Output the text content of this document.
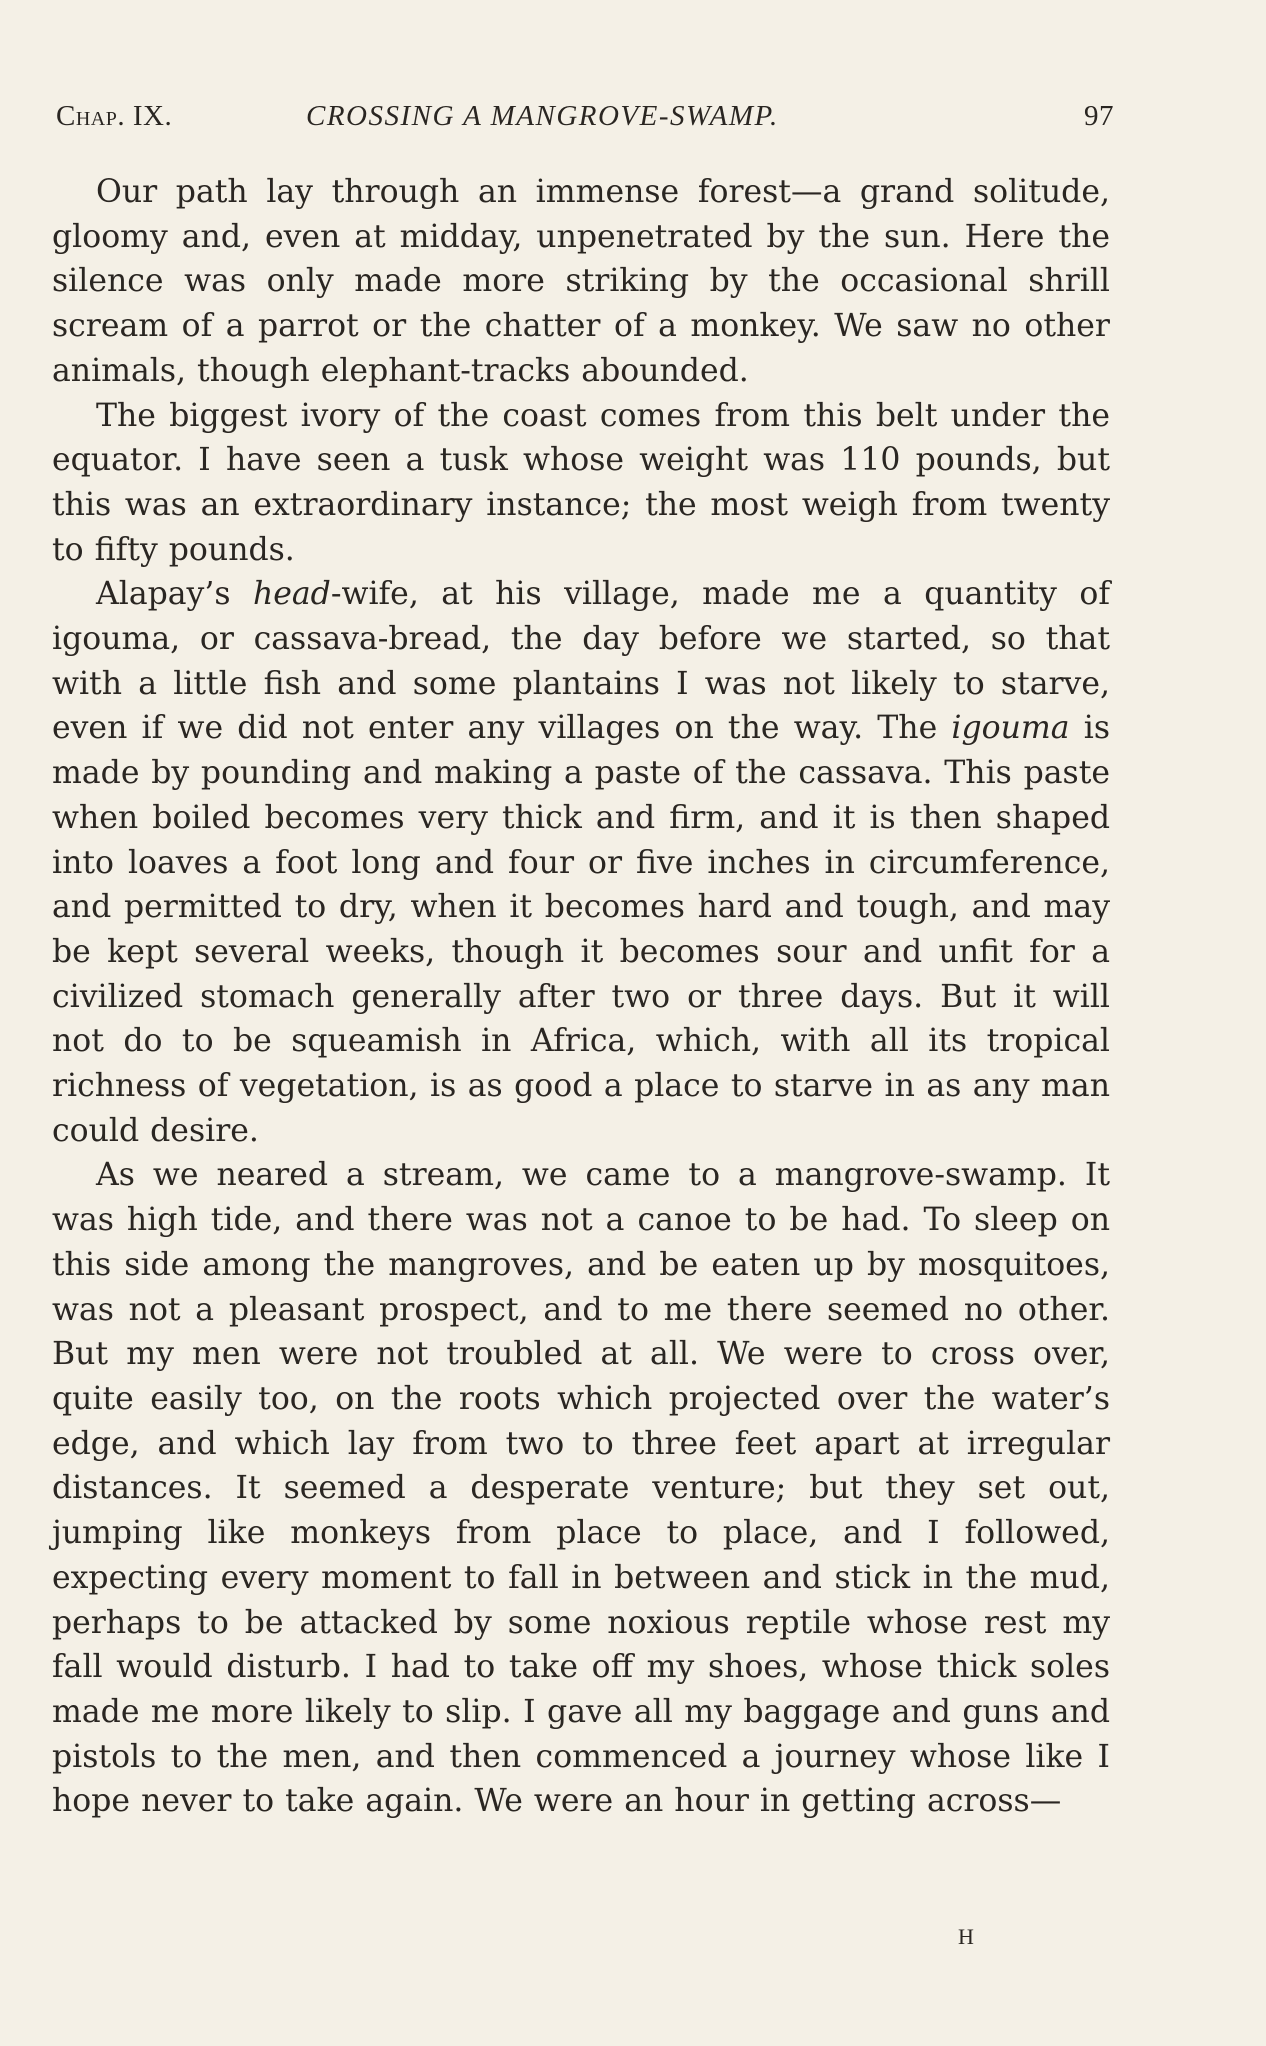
Chap. IX.	CROSSING A MANGROVE-SWAMP.	97

Our path lay through an immense forest—a grand solitude, gloomy and, even at midday, unpenetrated by the sun. Here the silence was only made more striking by the occasional shrill scream of a parrot or the chatter of a monkey. We saw no other animals, though elephant-tracks abounded.

The biggest ivory of the coast comes from this belt under the equator. I have seen a tusk whose weight was 110 pounds, but this was an extraordinary instance; the most weigh from twenty to fifty pounds.

Alapay’s head-wife, at his village, made me a quantity of igouma, or cassava-bread, the day before we started, so that with a little fish and some plantains I was not likely to starve, even if we did not enter any villages on the way. The igouma is made by pounding and making a paste of the cassava. This paste when boiled becomes very thick and firm, and it is then shaped into loaves a foot long and four or five inches in circumference, and permitted to dry, when it becomes hard and tough, and may be kept several weeks, though it becomes sour and unfit for a civilized stomach generally after two or three days. But it will not do to be squeamish in Africa, which, with all its tropical richness of vegetation, is as good a place to starve in as any man could desire.

As we neared a stream, we came to a mangrove-swamp. It was high tide, and there was not a canoe to be had. To sleep on this side among the mangroves, and be eaten up by mosquitoes, was not a pleasant prospect, and to me there seemed no other. But my men were not troubled at all. We were to cross over, quite easily too, on the roots which projected over the water’s edge, and which lay from two to three feet apart at irregular distances. It seemed a desperate venture; but they set out, jumping like monkeys from place to place, and I followed, expecting every moment to fall in between and stick in the mud, perhaps to be attacked by some noxious reptile whose rest my fall would disturb. I had to take off my shoes, whose thick soles made me more likely to slip. I gave all my baggage and guns and pistols to the men, and then commenced a journey whose like I hope never to take again. We were an hour in getting across—

H
